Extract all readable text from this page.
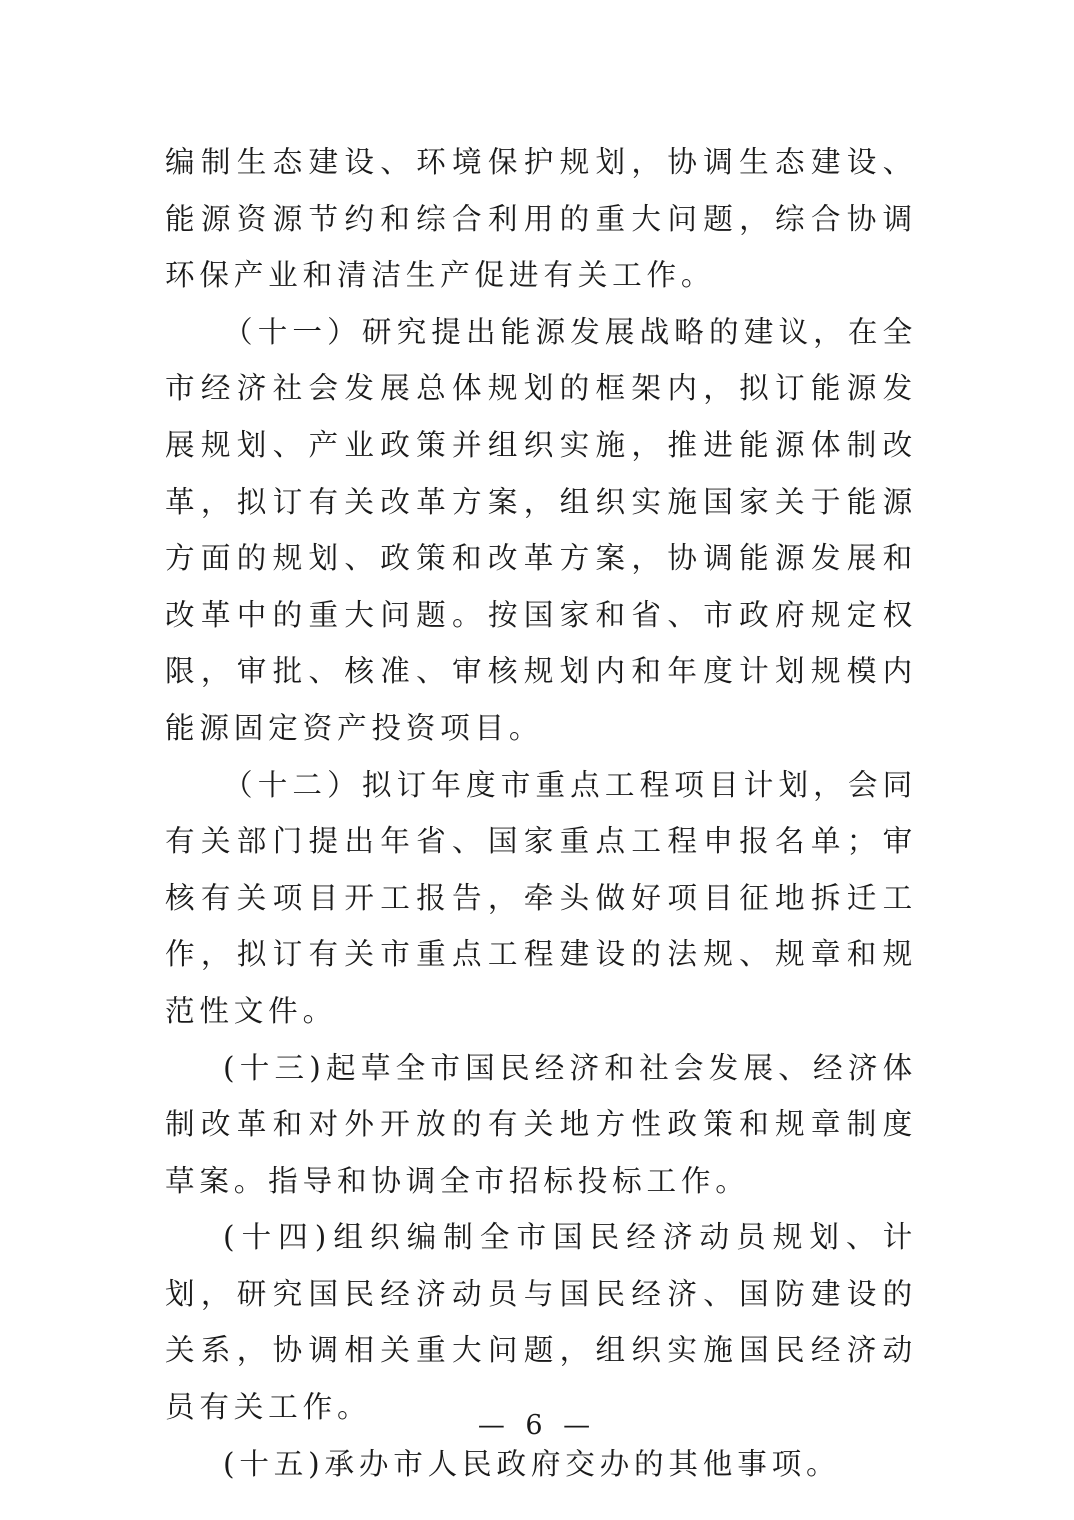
编制生态建设、环境保护规划，协调生态建设、能源资源节约和综合利用的重大问题，综合协调环保产业和清洁生产促进有关工作。

（十一）研究提出能源发展战略的建议，在全市经济社会发展总体规划的框架内，拟订能源发展规划、产业政策并组织实施，推进能源体制改革，拟订有关改革方案，组织实施国家关于能源方面的规划、政策和改革方案，协调能源发展和改革中的重大问题。按国家和省、市政府规定权限，审批、核准、审核规划内和年度计划规模内能源固定资产投资项目。

（十二）拟订年度市重点工程项目计划，会同有关部门提出年省、国家重点工程申报名单；审核有关项目开工报告，牵头做好项目征地拆迁工作，拟订有关市重点工程建设的法规、规章和规范性文件。

(十三)起草全市国民经济和社会发展、经济体制改革和对外开放的有关地方性政策和规章制度草案。指导和协调全市招标投标工作。

(十四)组织编制全市国民经济动员规划、计划，研究国民经济动员与国民经济、国防建设的关系，协调相关重大问题，组织实施国民经济动员有关工作。

(十五)承办市人民政府交办的其他事项。

— 6 —
